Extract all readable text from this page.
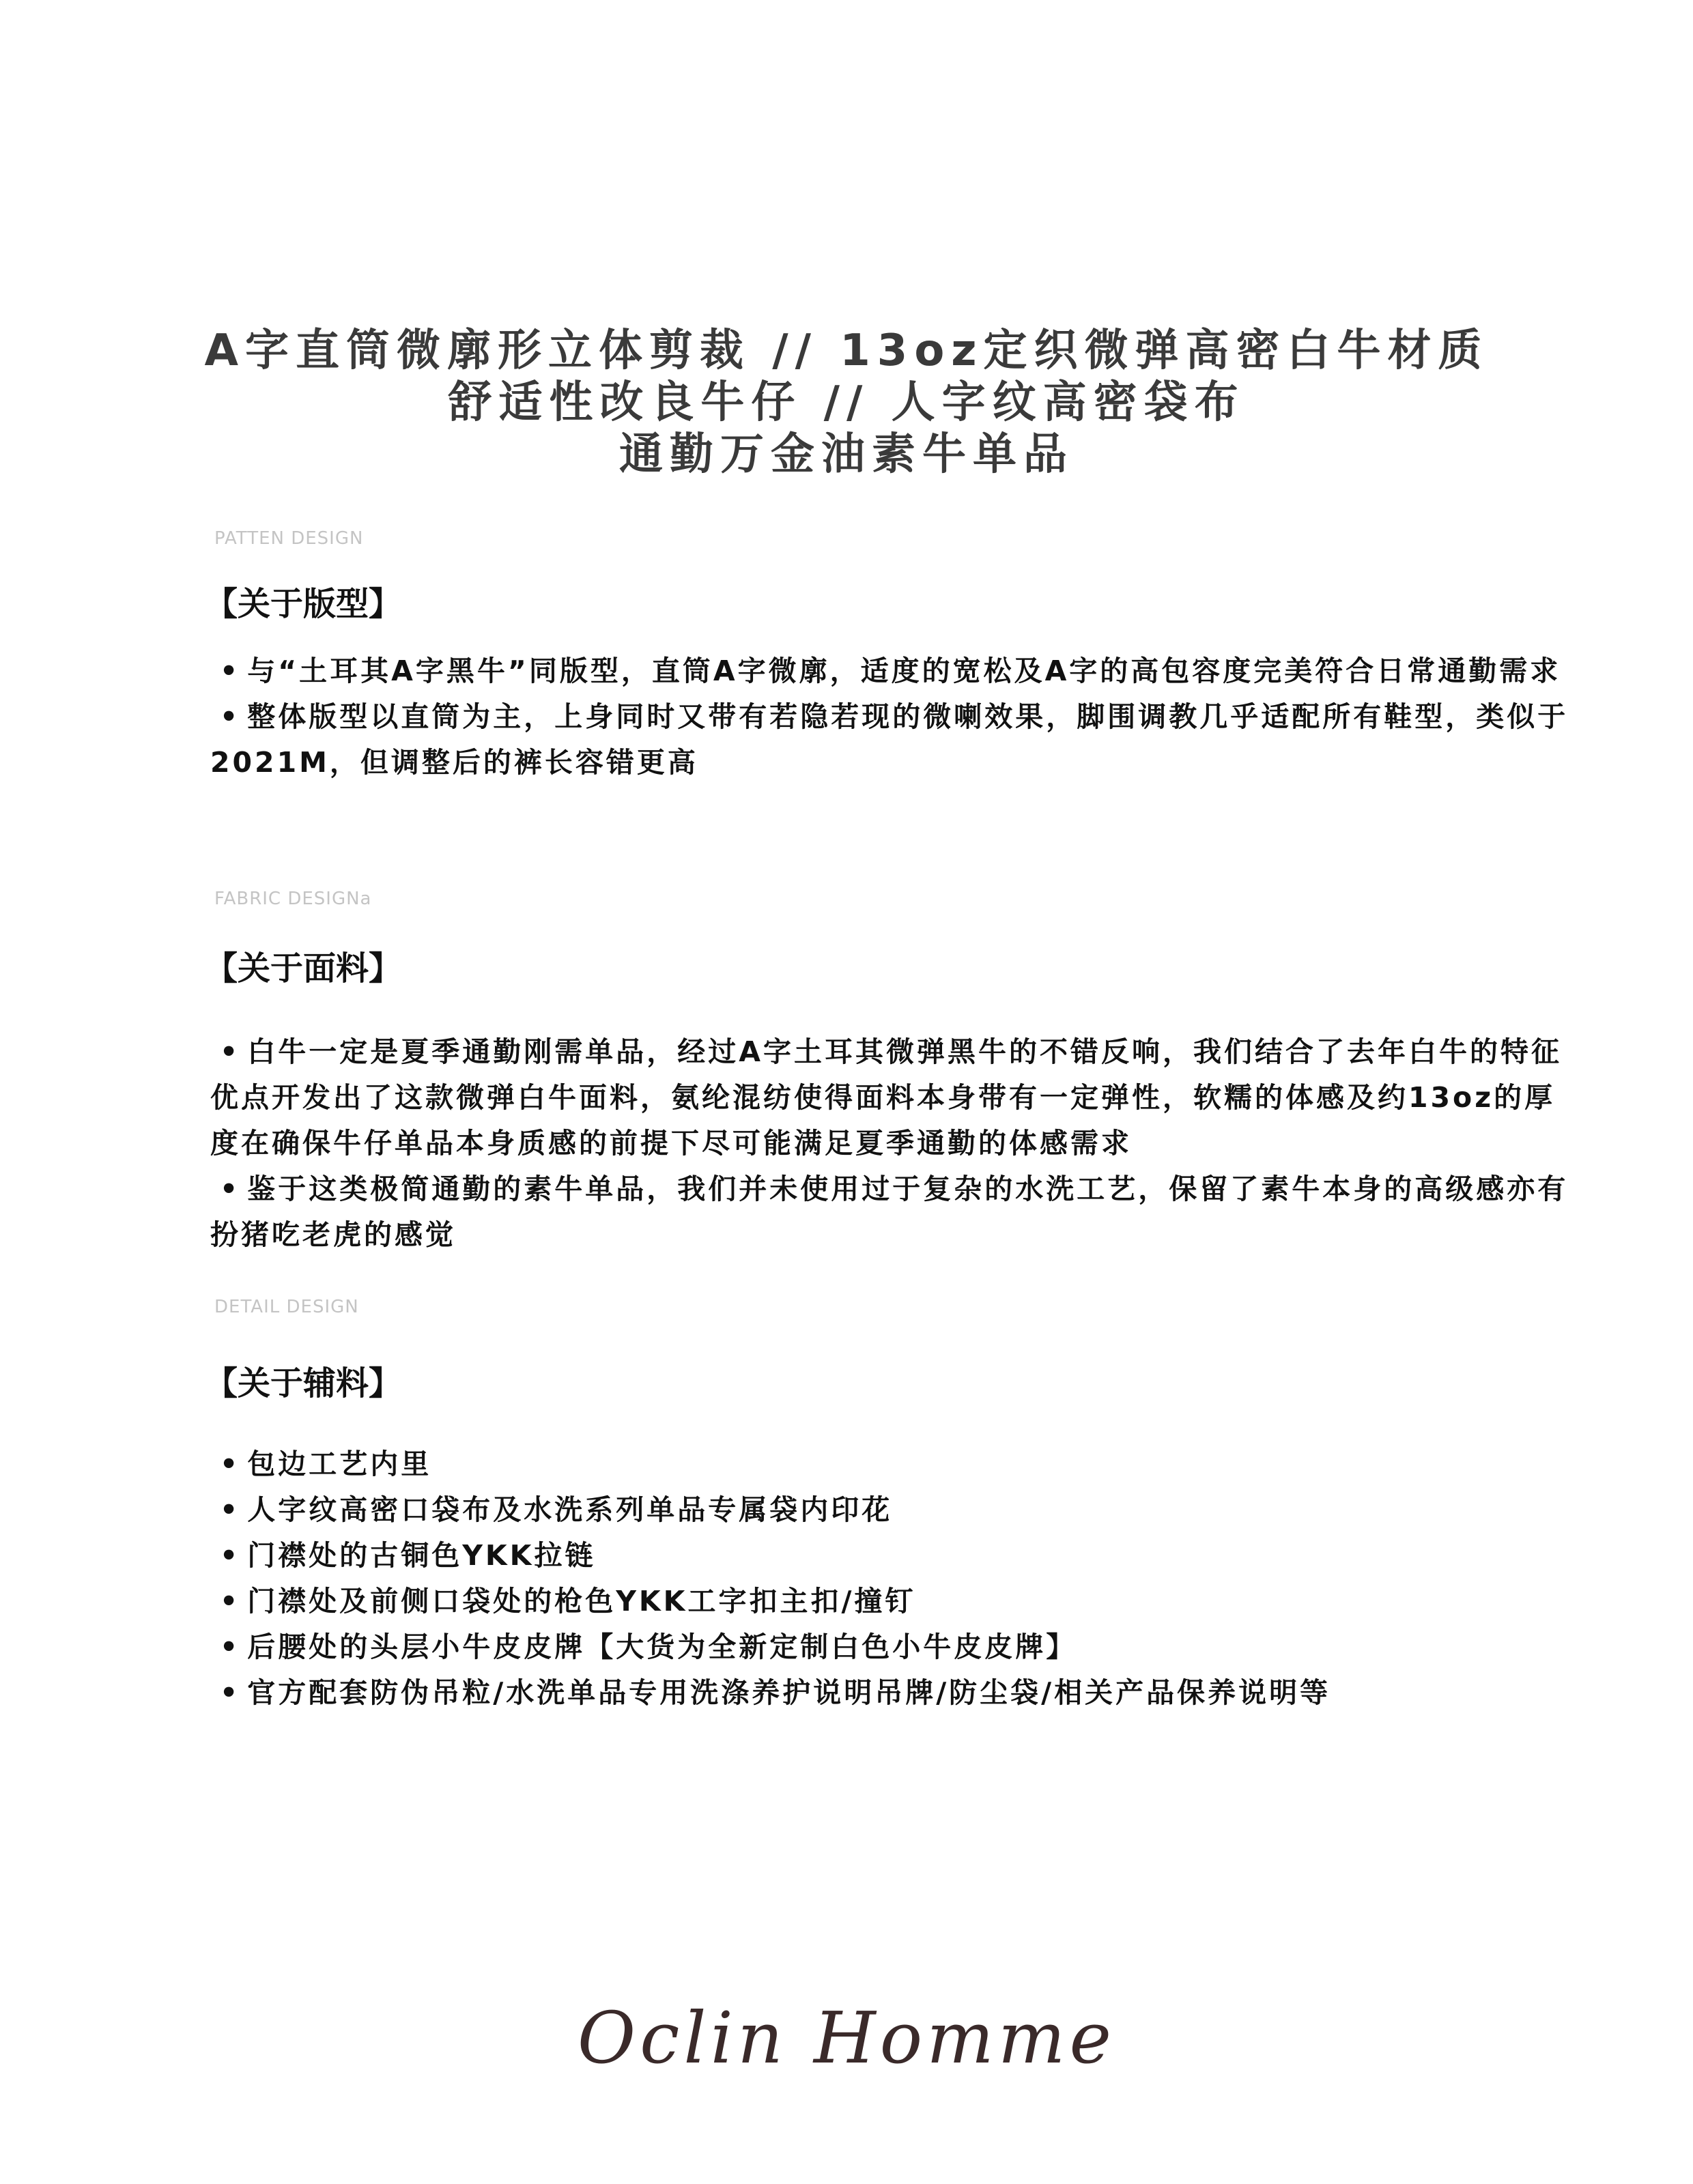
A字直筒微廓形立体剪裁 // 13oz定织微弹高密白牛材质
舒适性改良牛仔 // 人字纹高密袋布
通勤万金油素牛单品
PATTEN DESIGN
【关于版型】
• 与“土耳其A字黑牛”同版型，直筒A字微廓，适度的宽松及A字的高包容度完美符合日常通勤需求
• 整体版型以直筒为主，上身同时又带有若隐若现的微喇效果，脚围调教几乎适配所有鞋型，类似于2021M，但调整后的裤长容错更高
FABRIC DESIGNa
【关于面料】
• 白牛一定是夏季通勤刚需单品，经过A字土耳其微弹黑牛的不错反响，我们结合了去年白牛的特征优点开发出了这款微弹白牛面料，氨纶混纺使得面料本身带有一定弹性，软糯的体感及约13oz的厚度在确保牛仔单品本身质感的前提下尽可能满足夏季通勤的体感需求
• 鉴于这类极简通勤的素牛单品，我们并未使用过于复杂的水洗工艺，保留了素牛本身的高级感亦有扮猪吃老虎的感觉
DETAIL DESIGN
【关于辅料】
• 包边工艺内里
• 人字纹高密口袋布及水洗系列单品专属袋内印花
• 门襟处的古铜色YKK拉链
• 门襟处及前侧口袋处的枪色YKK工字扣主扣/撞钉
• 后腰处的头层小牛皮皮牌【大货为全新定制白色小牛皮皮牌】
• 官方配套防伪吊粒/水洗单品专用洗涤养护说明吊牌/防尘袋/相关产品保养说明等
Oclin Homme
